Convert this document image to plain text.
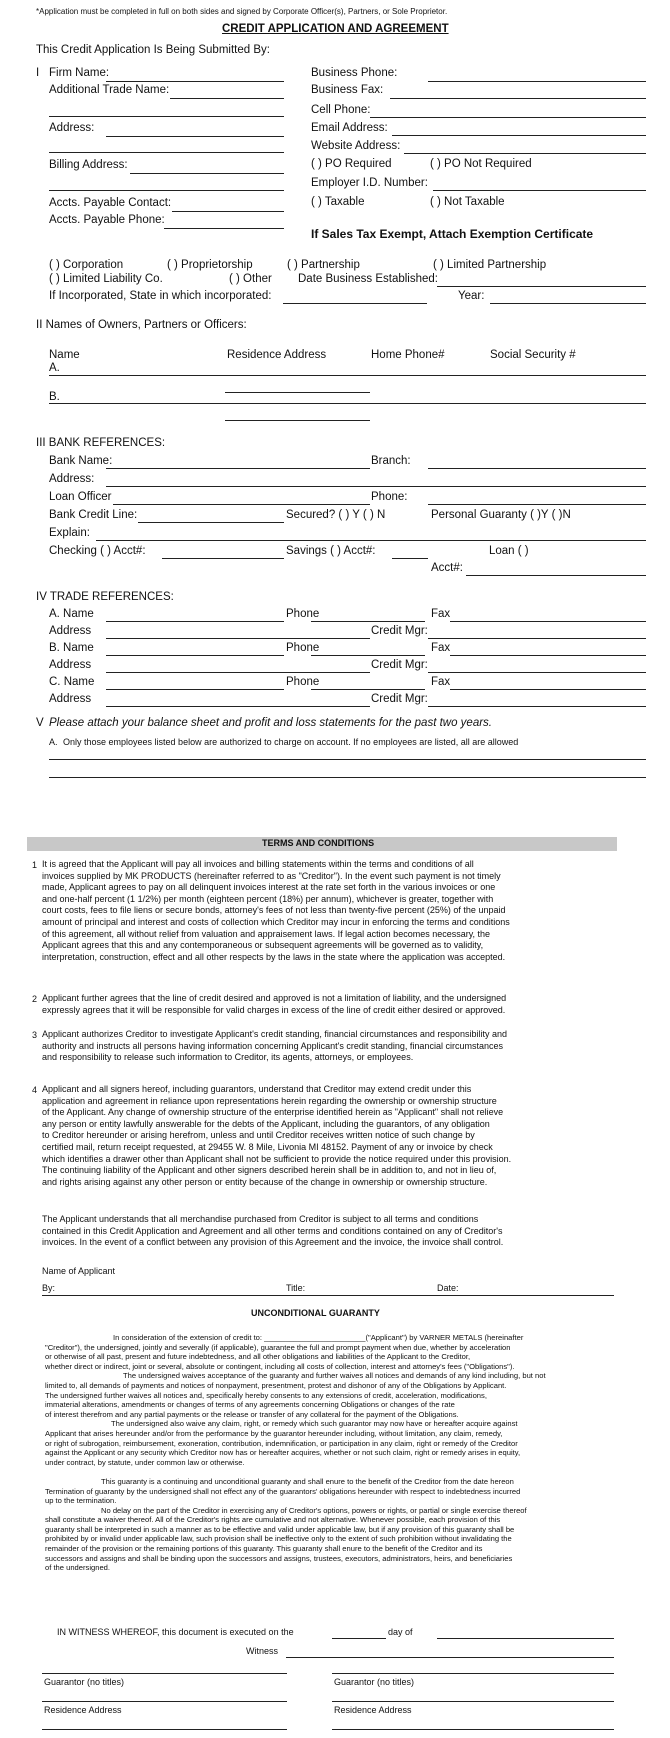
*Application must be completed in full on both sides and signed by Corporate Officer(s), Partners, or Sole Proprietor.
CREDIT APPLICATION AND AGREEMENT
This Credit Application Is Being Submitted By:
I Firm Name:
Additional Trade Name:
Address:
Billing Address:
Accts. Payable Contact:
Accts. Payable Phone:
Business Phone:
Business Fax:
Cell Phone:
Email Address:
Website Address:
( ) PO Required	( ) PO Not Required
Employer I.D. Number:
( ) Taxable	( ) Not Taxable
If Sales Tax Exempt, Attach Exemption Certificate
( ) Corporation	( ) Proprietorship	( ) Partnership	( ) Limited Partnership
( ) Limited Liability Co.	( ) Other Date Business Established:
If Incorporated, State in which incorporated:	Year:
II Names of Owners, Partners or Officers:
Name	Residence Address	Home Phone#	Social Security #
A.
B.
III BANK REFERENCES:
Bank Name:	Branch:
Address:
Loan Officer	Phone:
Bank Credit Line:	Secured? ( ) Y ( ) N	Personal Guaranty ( )Y ( )N
Explain:
Checking ( ) Acct#:	Savings ( ) Acct#:	Loan ( )
Acct#:
IV TRADE REFERENCES:
A. Name	Phone	Fax
Address	Credit Mgr:
B. Name	Phone	Fax
Address	Credit Mgr:
C. Name	Phone	Fax
Address	Credit Mgr:
V Please attach your balance sheet and profit and loss statements for the past two years.
A. Only those employees listed below are authorized to charge on account. If no employees are listed, all are allowed
TERMS AND CONDITIONS
1 It is agreed that the Applicant will pay all invoices and billing statements within the terms and conditions of all
invoices supplied by MK PRODUCTS (hereinafter referred to as "Creditor"). In the event such payment is not timely
made, Applicant agrees to pay on all delinquent invoices interest at the rate set forth in the various invoices or one
and one-half percent (1 1/2%) per month (eighteen percent (18%) per annum), whichever is greater, together with
court costs, fees to file liens or secure bonds, attorney's fees of not less than twenty-five percent (25%) of the unpaid
amount of principal and interest and costs of collection which Creditor may incur in enforcing the terms and conditions
of this agreement, all without relief from valuation and appraisement laws. If legal action becomes necessary, the
Applicant agrees that this and any contemporaneous or subsequent agreements will be governed as to validity,
interpretation, construction, effect and all other respects by the laws in the state where the application was accepted.
2 Applicant further agrees that the line of credit desired and approved is not a limitation of liability, and the undersigned
expressly agrees that it will be responsible for valid charges in excess of the line of credit either desired or approved.
3 Applicant authorizes Creditor to investigate Applicant's credit standing, financial circumstances and responsibility and
authority and instructs all persons having information concerning Applicant's credit standing, financial circumstances
and responsibility to release such information to Creditor, its agents, attorneys, or employees.
4 Applicant and all signers hereof, including guarantors, understand that Creditor may extend credit under this
application and agreement in reliance upon representations herein regarding the ownership or ownership structure
of the Applicant. Any change of ownership structure of the enterprise identified herein as "Applicant" shall not relieve
any person or entity lawfully answerable for the debts of the Applicant, including the guarantors, of any obligation
to Creditor hereunder or arising herefrom, unless and until Creditor receives written notice of such change by
certified mail, return receipt requested, at 29455 W. 8 Mile, Livonia MI 48152. Payment of any or invoice by check
which identifies a drawer other than Applicant shall not be sufficient to provide the notice required under this provision.
The continuing liability of the Applicant and other signers described herein shall be in addition to, and not in lieu of,
and rights arising against any other person or entity because of the change in ownership or ownership structure.
The Applicant understands that all merchandise purchased from Creditor is subject to all terms and conditions
contained in this Credit Application and Agreement and all other terms and conditions contained on any of Creditor's
invoices. In the event of a conflict between any provision of this Agreement and the invoice, the invoice shall control.
Name of Applicant
By:	Title:	Date:
UNCONDITIONAL GUARANTY
In consideration of the extension of credit to: ________________________("Applicant") by VARNER METALS (hereinafter
"Creditor"), the undersigned, jointly and severally (if applicable), guarantee the full and prompt payment when due, whether by acceleration
or otherwise of all past, present and future indebtedness, and all other obligations and liabilities of the Applicant to the Creditor,
whether direct or indirect, joint or several, absolute or contingent, including all costs of collection, interest and attorney's fees ("Obligations").
The undersigned waives acceptance of the guaranty and further waives all notices and demands of any kind including, but not
limited to, all demands of payments and notices of nonpayment, presentment, protest and dishonor of any of the Obligations by Applicant.
The undersigned further waives all notices and, specifically hereby consents to any extensions of credit, acceleration, modifications,
immaterial alterations, amendments or changes of terms of any agreements concerning Obligations or changes of the rate
of interest therefrom and any partial payments or the release or transfer of any collateral for the payment of the Obligations.
The undersigned also waive any claim, right, or remedy which such guarantor may now have or hereafter acquire against
Applicant that arises hereunder and/or from the performance by the guarantor hereunder including, without limitation, any claim, remedy,
or right of subrogation, reimbursement, exoneration, contribution, indemnification, or participation in any claim, right or remedy of the Creditor
against the Applicant or any security which Creditor now has or hereafter acquires, whether or not such claim, right or remedy arises in equity,
under contract, by statute, under common law or otherwise.
This guaranty is a continuing and unconditional guaranty and shall enure to the benefit of the Creditor from the date hereon
Termination of guaranty by the undersigned shall not effect any of the guarantors' obligations hereunder with respect to indebtedness incurred
up to the termination.
No delay on the part of the Creditor in exercising any of Creditor's options, powers or rights, or partial or single exercise thereof
shall constitute a waiver thereof. All of the Creditor's rights are cumulative and not alternative. Whenever possible, each provision of this
guaranty shall be interpreted in such a manner as to be effective and valid under applicable law, but if any provision of this guaranty shall be
prohibited by or invalid under applicable law, such provision shall be ineffective only to the extent of such prohibition without invalidating the
remainder of the provision or the remaining portions of this guaranty. This guaranty shall enure to the benefit of the Creditor and its
successors and assigns and shall be binding upon the successors and assigns, trustees, executors, administrators, heirs, and beneficiaries
of the undersigned.
IN WITNESS WHEREOF, this document is executed on the	day of
Witness
Guarantor (no titles)	Guarantor (no titles)
Residence Address	Residence Address
